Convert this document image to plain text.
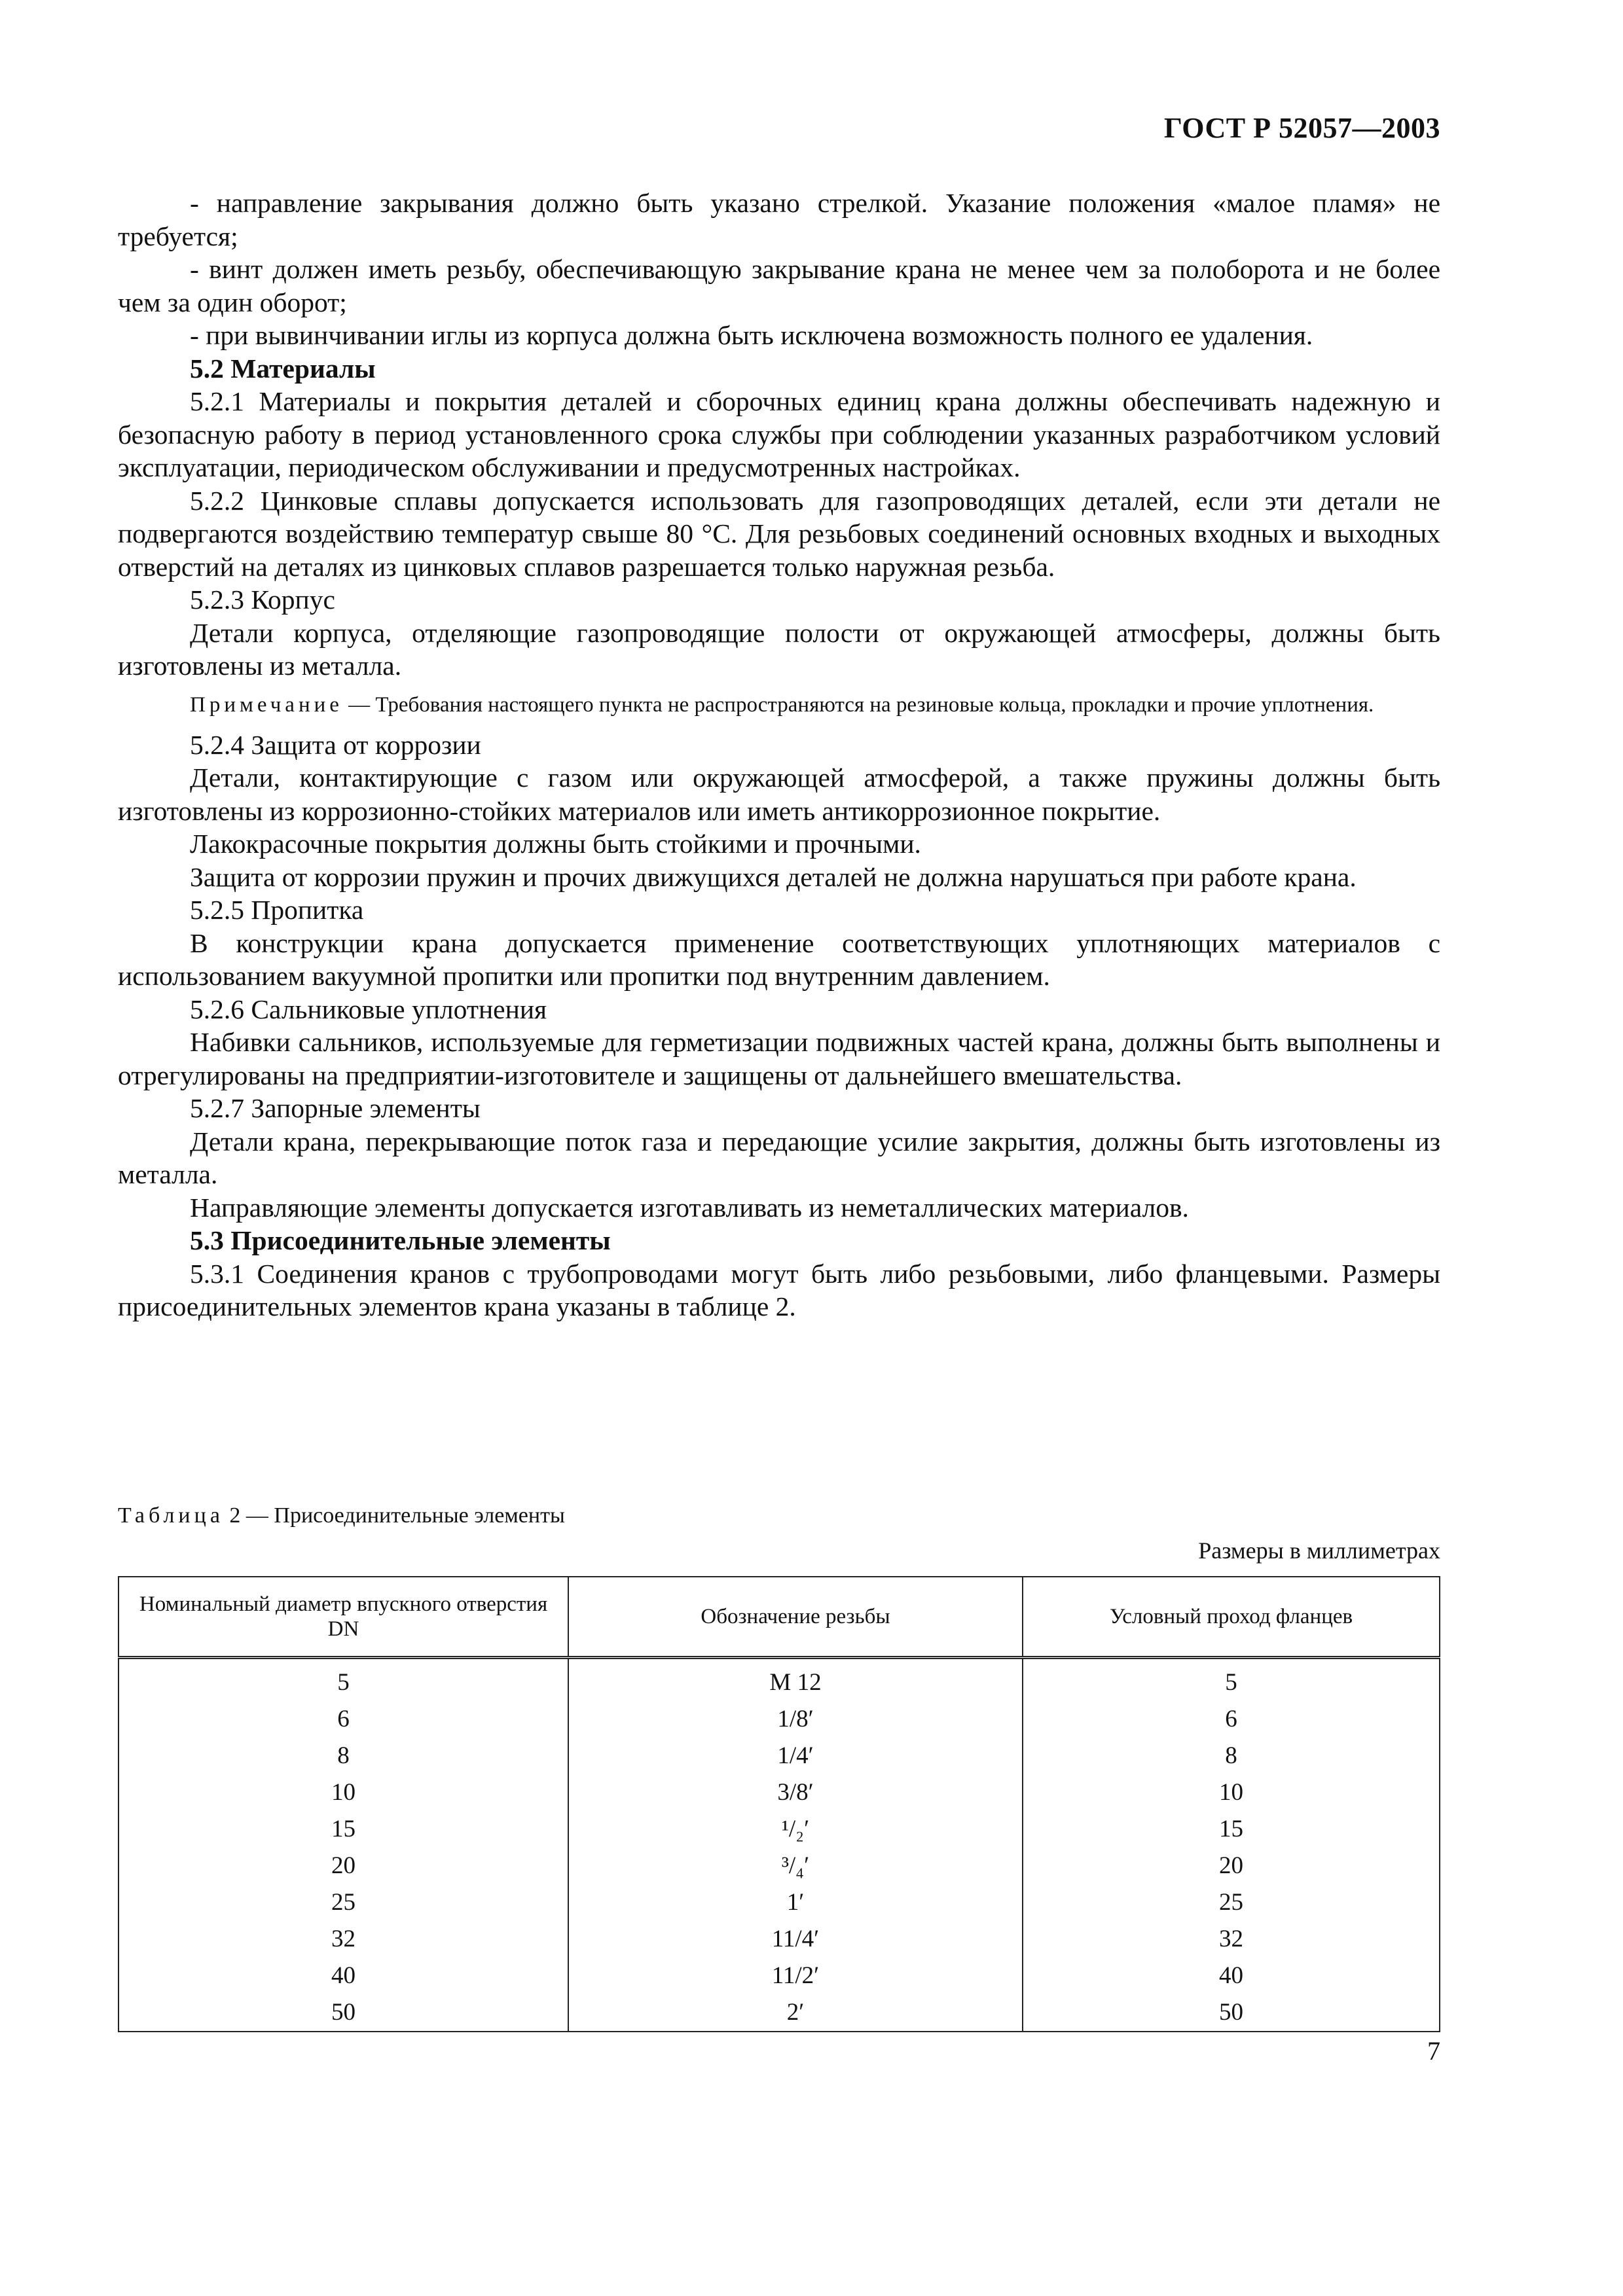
ГОСТ Р 52057—2003

- направление закрывания должно быть указано стрелкой. Указание положения «малое пламя» не требуется;

- винт должен иметь резьбу, обеспечивающую закрывание крана не менее чем за полоборота и не более чем за один оборот;

- при вывинчивании иглы из корпуса должна быть исключена возможность полного ее удаления.

5.2 Материалы

5.2.1 Материалы и покрытия деталей и сборочных единиц крана должны обеспечивать надежную и безопасную работу в период установленного срока службы при соблюдении указанных разработчиком условий эксплуатации, периодическом обслуживании и предусмотренных настройках.

5.2.2 Цинковые сплавы допускается использовать для газопроводящих деталей, если эти детали не подвергаются воздействию температур свыше 80 °С. Для резьбовых соединений основных входных и выходных отверстий на деталях из цинковых сплавов разрешается только наружная резьба.

5.2.3 Корпус

Детали корпуса, отделяющие газопроводящие полости от окружающей атмосферы, должны быть изготовлены из металла.

Примечание — Требования настоящего пункта не распространяются на резиновые кольца, прокладки и прочие уплотнения.

5.2.4 Защита от коррозии

Детали, контактирующие с газом или окружающей атмосферой, а также пружины должны быть изготовлены из коррозионно-стойких материалов или иметь антикоррозионное покрытие.

Лакокрасочные покрытия должны быть стойкими и прочными.

Защита от коррозии пружин и прочих движущихся деталей не должна нарушаться при работе крана.

5.2.5 Пропитка

В конструкции крана допускается применение соответствующих уплотняющих материалов с использованием вакуумной пропитки или пропитки под внутренним давлением.

5.2.6 Сальниковые уплотнения

Набивки сальников, используемые для герметизации подвижных частей крана, должны быть выполнены и отрегулированы на предприятии-изготовителе и защищены от дальнейшего вмешательства.

5.2.7 Запорные элементы

Детали крана, перекрывающие поток газа и передающие усилие закрытия, должны быть изготовлены из металла.

Направляющие элементы допускается изготавливать из неметаллических материалов.

5.3 Присоединительные элементы

5.3.1 Соединения кранов с трубопроводами могут быть либо резьбовыми, либо фланцевыми. Размеры присоединительных элементов крана указаны в таблице 2.

Таблица 2 — Присоединительные элементы
Размеры в миллиметрах
Номинальный диаметр впускного отверстия DN	Обозначение резьбы	Условный проход фланцев
5	М 12	5
6	1/8′	6
8	1/4′	8
10	3/8′	10
15	¹/₂′	15
20	³/₄′	20
25	1′	25
32	11/4′	32
40	11/2′	40
50	2′	50
7
